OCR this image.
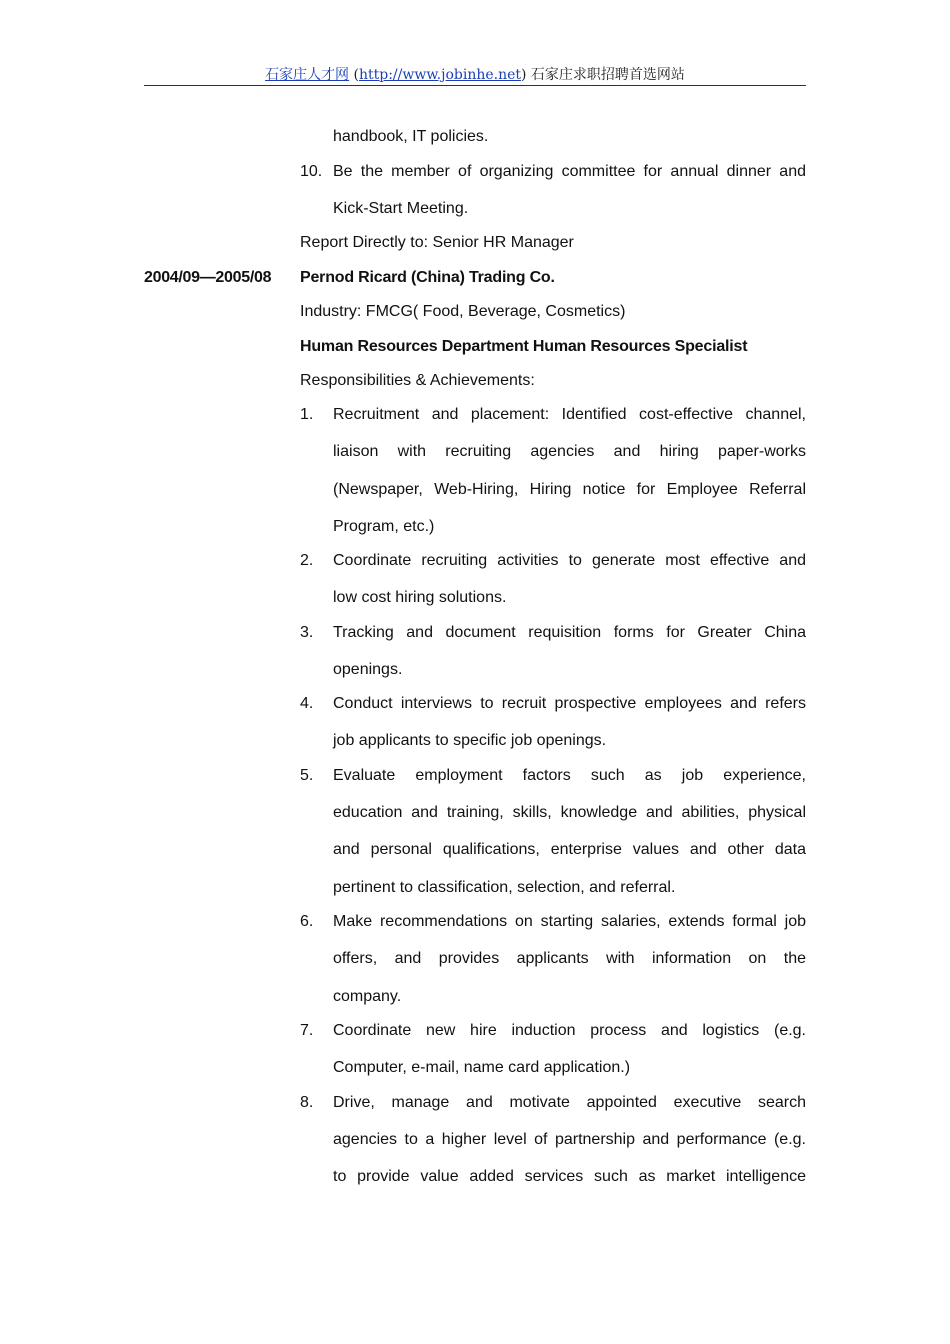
石家庄人才网 (http://www.jobinhe.net) 石家庄求职招聘首选网站
handbook, IT policies.
10. Be the member of organizing committee for annual dinner and
Kick-Start Meeting.
Report Directly to: Senior HR Manager
2004/09—2005/08 Pernod Ricard (China) Trading Co.
Industry: FMCG( Food, Beverage, Cosmetics)
Human Resources Department Human Resources Specialist
Responsibilities & Achievements:
1. Recruitment and placement: Identified cost-effective channel,
liaison with recruiting agencies and hiring paper-works
(Newspaper, Web-Hiring, Hiring notice for Employee Referral
Program, etc.)
2. Coordinate recruiting activities to generate most effective and
low cost hiring solutions.
3. Tracking and document requisition forms for Greater China
openings.
4. Conduct interviews to recruit prospective employees and refers
job applicants to specific job openings.
5. Evaluate employment factors such as job experience,
education and training, skills, knowledge and abilities, physical
and personal qualifications, enterprise values and other data
pertinent to classification, selection, and referral.
6. Make recommendations on starting salaries, extends formal job
offers, and provides applicants with information on the
company.
7. Coordinate new hire induction process and logistics (e.g.
Computer, e-mail, name card application.)
8. Drive, manage and motivate appointed executive search
agencies to a higher level of partnership and performance (e.g.
to provide value added services such as market intelligence
